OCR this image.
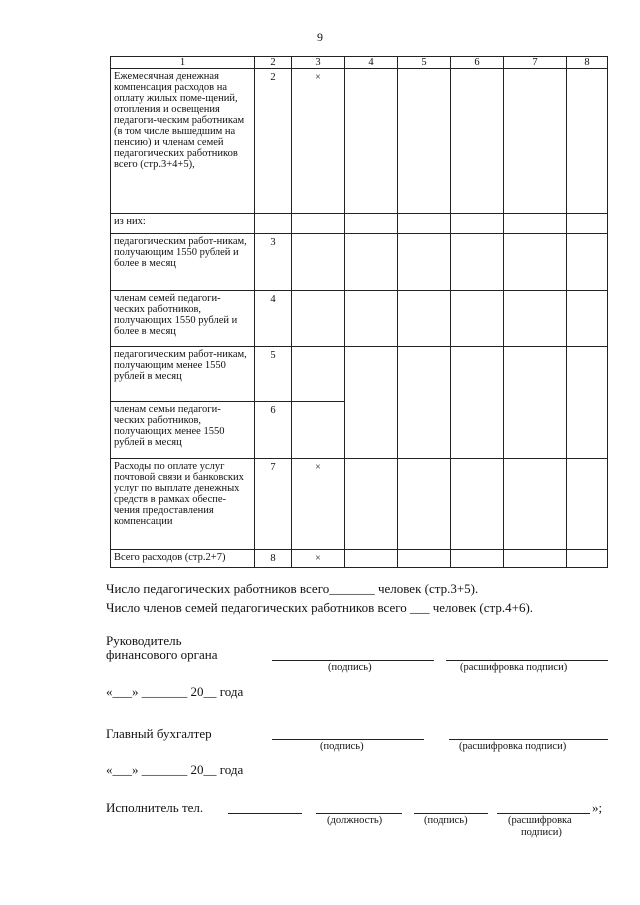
9
1	2	3	4	5	6	7	8
Ежемесячная денежная компенсация расходов на оплату жилых поме-щений, отопления и освещения педагоги-ческим работникам (в том числе вышедшим на пенсию) и членам семей педагогических работников всего (стр.3+4+5),	2	×					
из них:							
педагогическим работ-никам, получающим 1550 рублей и более в месяц	3						
членам семей педагоги-ческих работников, получающих 1550 рублей и более в месяц	4						
педагогическим работ-никам, получающим менее 1550 рублей в месяц	5						
членам семьи педагоги-ческих работников, получающих менее 1550 рублей в месяц	6						
Расходы по оплате услуг почтовой связи и банковских услуг по выплате денежных средств в рамках обеспе-чения предоставления компенсации	7	×					
Всего расходов (стр.2+7)	8	×					
Число педагогических работников всего_______ человек (стр.3+5).
Число членов семей педагогических работников всего ___ человек (стр.4+6).
Руководитель
финансового органа
(подпись)	(расшифровка подписи)
«___» _______ 20__ года
Главный бухгалтер
(подпись)	(расшифровка подписи)
«___» _______ 20__ года
Исполнитель тел.	»;
(должность)	(подпись)	(расшифровка
подписи)
